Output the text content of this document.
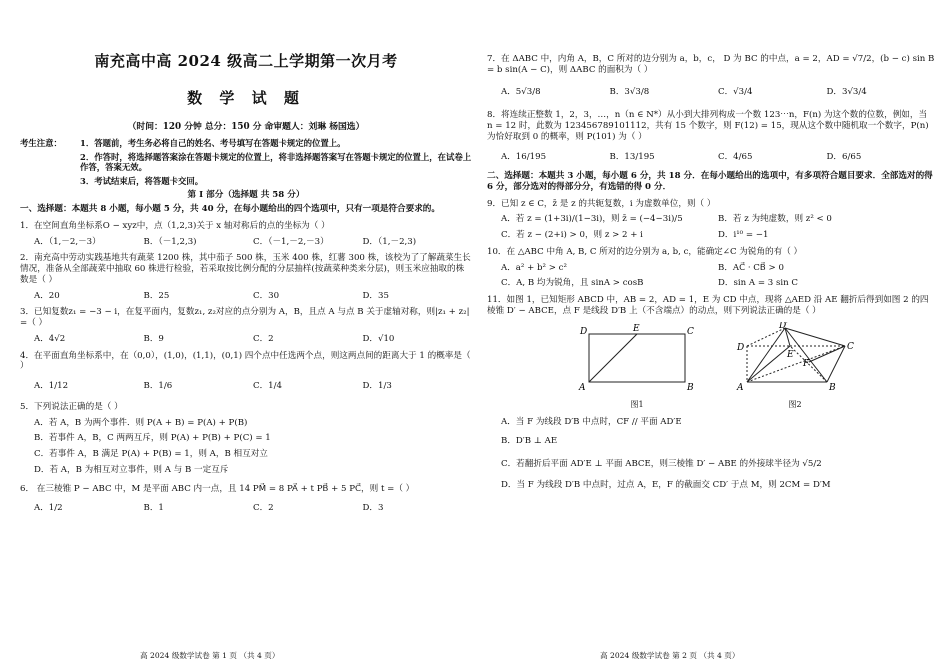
南充高中高 2024 级高二上学期第一次月考
数 学 试 题
（时间：120 分钟 总分：150 分 命审题人：刘琳 杨国选）
考生注意：	1．答题前，考生务必将自己的姓名、考号填写在答题卡规定的位置上。
2．作答时，将选择题答案涂在答题卡规定的位置上，将非选择题答案写在答题卡规定的位置上，在试卷上作答，答案无效。
3．考试结束后，将答题卡交回。
第 I 部分（选择题 共 58 分）
一、选择题：本题共 8 小题，每小题 5 分，共 40 分，在每小题给出的四个选项中，只有一项是符合要求的。
1．在空间直角坐标系O − xyz中，点（1,2,3)关于 x 轴对称后的点的坐标为（ ）
A．（1,－2,－3）	B．（－1,2,3)	C．（－1,－2,－3）	D．（1,－2,3)
2．南充高中劳动实践基地共有蔬菜 1200 株，其中茄子 500 株，玉米 400 株，红薯 300 株，该校为了了解蔬菜生长情况，准备从全部蔬菜中抽取 60 株进行检验，若采取按比例分配的分层抽样(按蔬菜种类来分层)，则玉米应抽取的株数是（ ）
A．20	B．25	C．30	D．35
3．已知复数z₁ = −3 − i，在复平面内，复数z₁, z₂对应的点分别为 A，B，且点 A 与点 B 关于虚轴对称，则|z₁ + z₂| =（ ）
A．4√2	B．9	C．2	D．√10
4．在平面直角坐标系中，在（0,0），(1,0)，(1,1)，(0,1) 四个点中任选两个点，则这两点间的距离大于 1 的概率是（ ）
A．1/12	B．1/6	C．1/4	D．1/3
5．下列说法正确的是（ ）
A．若 A，B 为两个事件．则 P(A + B) = P(A) + P(B)
B．若事件 A，B，C 两两互斥，则 P(A) + P(B) + P(C) = 1
C．若事件 A，B 满足 P(A) + P(B) = 1，则 A，B 相互对立
D．若 A，B 为相互对立事件，则 A 与 B 一定互斥
6． 在三棱锥 P − ABC 中，M 是平面 ABC 内一点，且 14 PM⃗ = 8 PA⃗ + t PB⃗ + 5 PC⃗，则 t =（ ）
A．1/2	B．1	C．2	D．3
7．在 ΔABC 中，内角 A，B，C 所对的边分别为 a，b，c， D 为 BC 的中点，a = 2，AD = √7/2，(b − c) sin B = b sin(A − C)，则 ΔABC 的面积为（ ）
A．5√3/8	B．3√3/8	C．√3/4	D．3√3/4
8．将连续正整数 1，2，3，…，n（n ∈ N*）从小到大排列构成一个数 123⋯n，F(n) 为这个数的位数，例如，当 n = 12 时，此数为 123456789101112，共有 15 个数字，则 F(12) = 15，现从这个数中随机取一个数字，P(n) 为恰好取到 0 的概率，则 P(101) 为（ ）
A．16/195	B．13/195	C．4/65	D．6/65
二、选择题：本题共 3 小题，每小题 6 分，共 18 分．在每小题给出的选项中，有多项符合题目要求．全部选对的得 6 分，部分选对的得部分分，有选错的得 0 分．
9．已知 z ∈ C，z̄ 是 z 的共轭复数，i 为虚数单位，则（ ）
A．若 z = (1+3i)/(1−3i)，则 z̄ = (−4−3i)/5	B．若 z 为纯虚数，则 z² < 0
C．若 z − (2+i) > 0，则 z > 2 + i	D．i¹⁰ = −1
10．在 △ABC 中角 A, B, C 所对的边分别为 a, b, c，能确定∠C 为锐角的有（ ）
A．a² + b² > c²	B．AC⃗ · CB⃗ > 0
C．A, B 均为锐角，且 sinA > cosB	D．sin A = 3 sin C
11．如图 1，已知矩形 ABCD 中，AB = 2，AD = 1，E 为 CD 中点，现将 △AED 沿 AE 翻折后得到如图 2 的四棱锥 D′ − ABCE，点 F 是线段 D′B 上（不含端点）的动点，则下列说法正确的是（ ）
D	E	C
A	B
图1
D′
D
E
C
F
A	B
图2
A．当 F 为线段 D′B 中点时，CF // 平面 AD′E
B．D′B ⊥ AE
C．若翻折后平面 AD′E ⊥ 平面 ABCE，则三棱锥 D′ − ABE 的外接球半径为 √5/2
D．当 F 为线段 D′B 中点时，过点 A，E，F 的截面交 CD′ 于点 M，则 2CM = D′M
高 2024 级数学试卷 第 1 页 （共 4 页）	高 2024 级数学试卷 第 2 页 （共 4 页）
